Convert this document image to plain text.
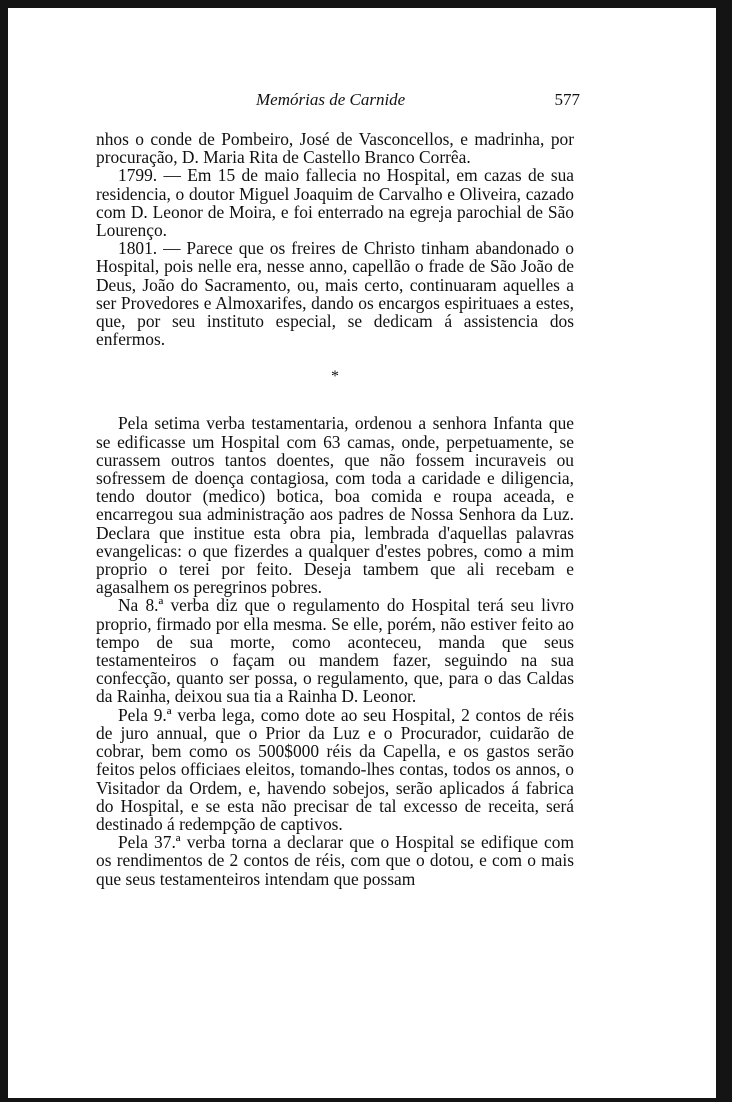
Memórias de Carnide	577

nhos o conde de Pombeiro, José de Vasconcellos, e madrinha, por procuração, D. Maria Rita de Castello Branco Corrêa.

1799. — Em 15 de maio fallecia no Hospital, em cazas de sua residencia, o doutor Miguel Joaquim de Carvalho e Oliveira, cazado com D. Leonor de Moira, e foi enterrado na egreja parochial de São Lourenço.

1801. — Parece que os freires de Christo tinham abandonado o Hospital, pois nelle era, nesse anno, capellão o frade de São João de Deus, João do Sacramento, ou, mais certo, continuaram aquelles a ser Provedores e Almoxarifes, dando os encargos espirituaes a estes, que, por seu instituto especial, se dedicam á assistencia dos enfermos.

*

Pela setima verba testamentaria, ordenou a senhora Infanta que se edificasse um Hospital com 63 camas, onde, perpetuamente, se curassem outros tantos doentes, que não fossem incuraveis ou sofressem de doença contagiosa, com toda a caridade e diligencia, tendo doutor (medico) botica, boa comida e roupa aceada, e encarregou sua administração aos padres de Nossa Senhora da Luz. Declara que institue esta obra pia, lembrada d'aquellas palavras evangelicas: o que fizerdes a qualquer d'estes pobres, como a mim proprio o terei por feito. Deseja tambem que ali recebam e agasalhem os peregrinos pobres.

Na 8.ª verba diz que o regulamento do Hospital terá seu livro proprio, firmado por ella mesma. Se elle, porém, não estiver feito ao tempo de sua morte, como aconteceu, manda que seus testamenteiros o façam ou mandem fazer, seguindo na sua confecção, quanto ser possa, o regulamento, que, para o das Caldas da Rainha, deixou sua tia a Rainha D. Leonor.

Pela 9.ª verba lega, como dote ao seu Hospital, 2 contos de réis de juro annual, que o Prior da Luz e o Procurador, cuidarão de cobrar, bem como os 500$000 réis da Capella, e os gastos serão feitos pelos officiaes eleitos, tomando-lhes contas, todos os annos, o Visitador da Ordem, e, havendo sobejos, serão aplicados á fabrica do Hospital, e se esta não precisar de tal excesso de receita, será destinado á redempção de captivos.

Pela 37.ª verba torna a declarar que o Hospital se edifique com os rendimentos de 2 contos de réis, com que o dotou, e com o mais que seus testamenteiros intendam que possam
